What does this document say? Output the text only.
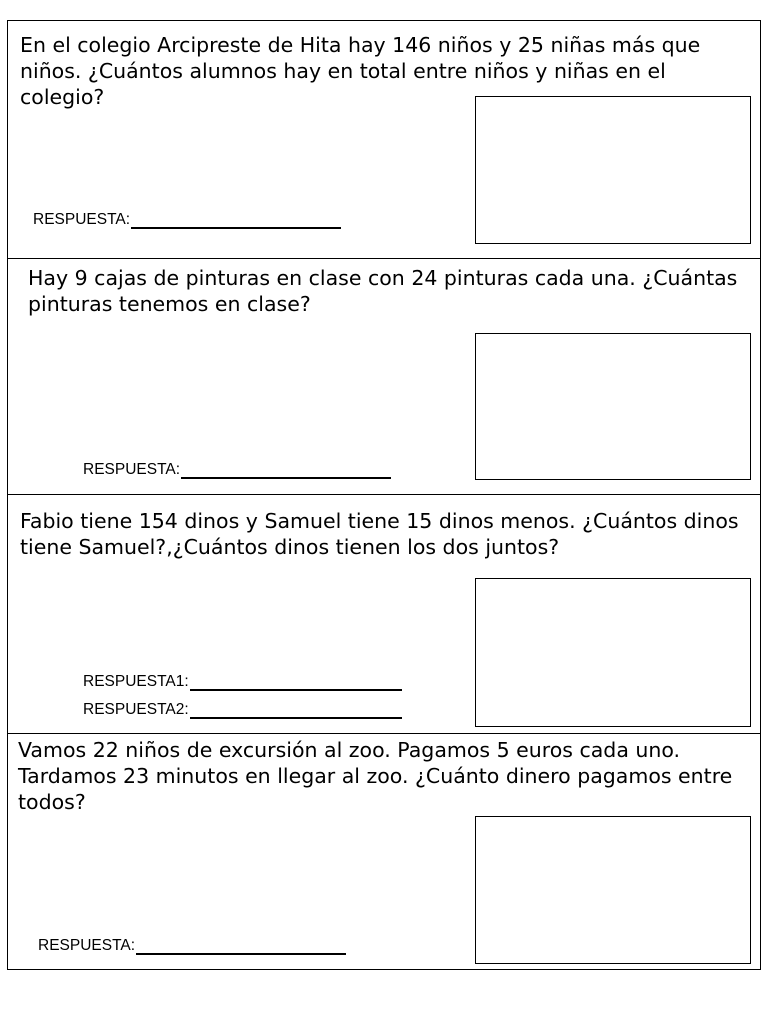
En el colegio Arcipreste de Hita hay 146 niños y 25 niñas más que niños. ¿Cuántos alumnos hay en total entre niños y niñas en el colegio?
RESPUESTA:
Hay 9 cajas de pinturas en clase con 24 pinturas cada una. ¿Cuántas pinturas tenemos en clase?
RESPUESTA:
Fabio tiene 154 dinos y Samuel tiene 15 dinos menos. ¿Cuántos dinos tiene Samuel?,¿Cuántos dinos tienen los dos juntos?
RESPUESTA1:
RESPUESTA2:
Vamos 22 niños de excursión al zoo. Pagamos 5 euros cada uno. Tardamos 23 minutos en llegar al zoo. ¿Cuánto dinero pagamos entre todos?
RESPUESTA:
